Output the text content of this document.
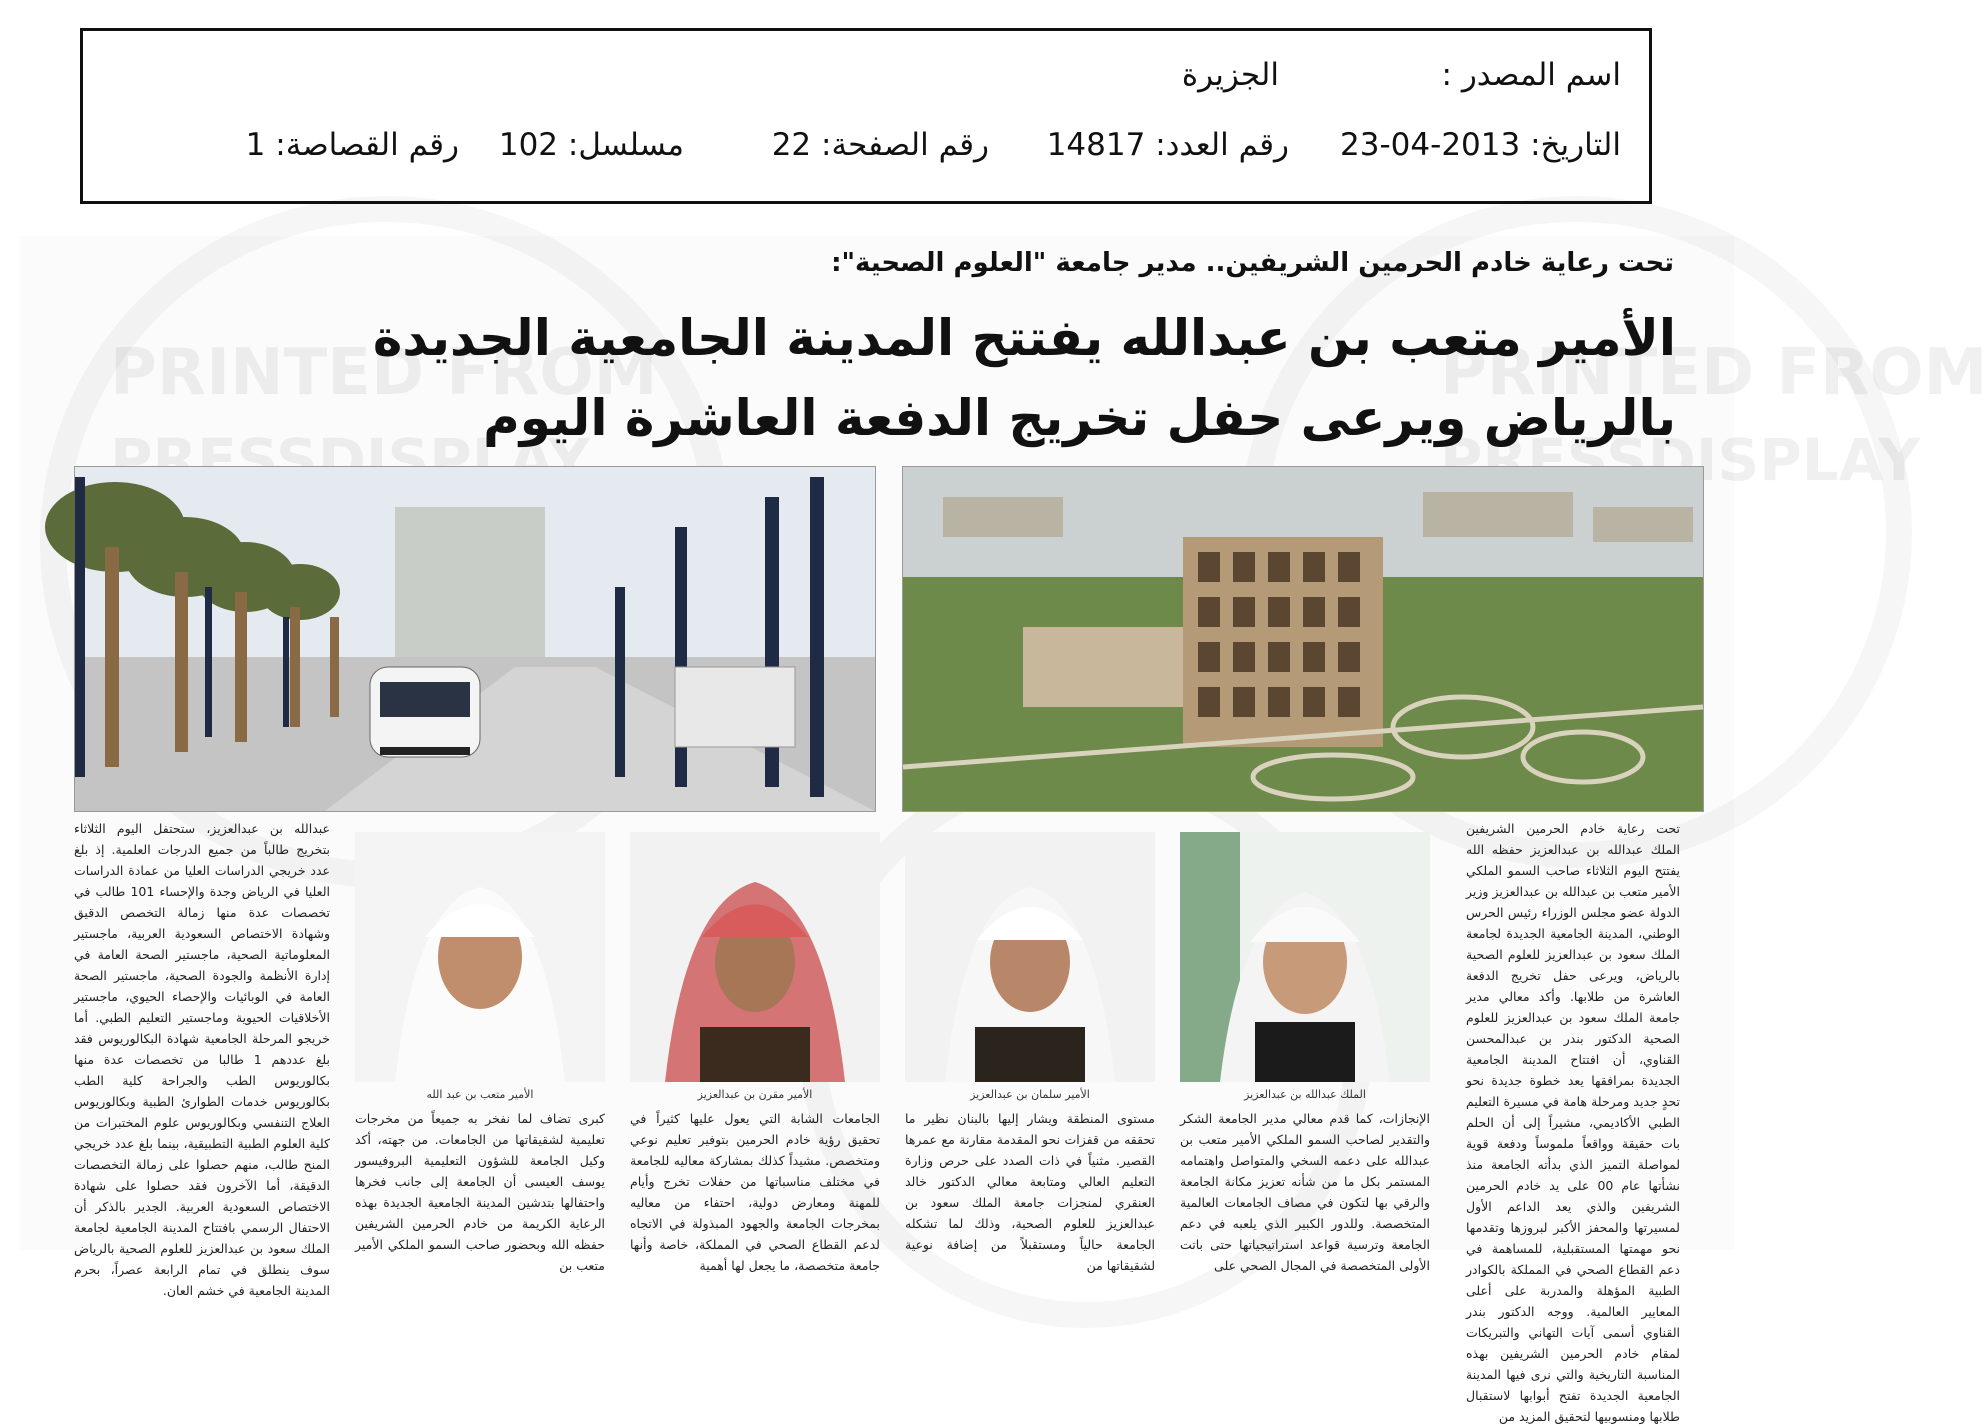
اسم المصدر :
الجزيرة
التاريخ: 2013-04-23
رقم العدد: 14817
رقم الصفحة: 22
مسلسل: 102
رقم القصاصة: 1
PRINTED FROM	PRINTED FROM
PRESSDISPLAY	PRESSDISPLAY
تحت رعاية خادم الحرمين الشريفين.. مدير جامعة "العلوم الصحية":
الأمير متعب بن عبدالله يفتتح المدينة الجامعية الجديدة
بالرياض ويرعى حفل تخريج الدفعة العاشرة اليوم
تحت رعاية خادم الحرمين الشريفين الملك عبدالله بن عبدالعزيز حفظه الله يفتتح اليوم الثلاثاء صاحب السمو الملكي الأمير متعب بن عبدالله بن عبدالعزيز وزير الدولة عضو مجلس الوزراء رئيس الحرس الوطني، المدينة الجامعية الجديدة لجامعة الملك سعود بن عبدالعزيز للعلوم الصحية بالرياض، ويرعى حفل تخريج الدفعة العاشرة من طلابها. وأكد معالي مدير جامعة الملك سعود بن عبدالعزيز للعلوم الصحية الدكتور بندر بن عبدالمحسن القناوي، أن افتتاح المدينة الجامعية الجديدة بمرافقها يعد خطوة جديدة نحو تحدٍ جديد ومرحلة هامة في مسيرة التعليم الطبي الأكاديمي، مشيراً إلى أن الحلم بات حقيقة وواقعاً ملموساً ودفعة قوية لمواصلة التميز الذي بدأته الجامعة منذ نشأتها عام 00 على يد خادم الحرمين الشريفين والذي يعد الداعم الأول لمسيرتها والمحفز الأكبر لبروزها وتقدمها نحو مهمتها المستقبلية، للمساهمة في دعم القطاع الصحي في المملكة بالكوادر الطبية المؤهلة والمدربة على أعلى المعايير العالمية. ووجه الدكتور بندر القناوي أسمى آيات التهاني والتبريكات لمقام خادم الحرمين الشريفين بهذه المناسبة التاريخية والتي نرى فيها المدينة الجامعية الجديدة تفتح أبوابها لاستقبال طلابها ومنسوبيها لتحقيق المزيد من
الملك عبدالله بن عبدالعزيز
الأمير سلمان بن عبدالعزيز
الأمير مقرن بن عبدالعزيز
الأمير متعب بن عبد الله
عبدالله بن عبدالعزيز، ستحتفل اليوم الثلاثاء بتخريج طالباً من جميع الدرجات العلمية. إذ بلغ عدد خريجي الدراسات العليا من عمادة الدراسات العليا في الرياض وجدة والإحساء 101 طالب في تخصصات عدة منها زمالة التخصص الدقيق وشهادة الاختصاص السعودية العربية، ماجستير المعلوماتية الصحية، ماجستير الصحة العامة في إدارة الأنظمة والجودة الصحية، ماجستير الصحة العامة في الوبائيات والإحصاء الحيوي، ماجستير الأخلاقيات الحيوية وماجستير التعليم الطبي. أما خريجو المرحلة الجامعية شهادة البكالوريوس فقد بلغ عددهم 1 طالبا من تخصصات عدة منها بكالوريوس الطب والجراحة كلية الطب بكالوريوس خدمات الطوارئ الطبية وبكالوريوس العلاج التنفسي وبكالوريوس علوم المختبرات من كلية العلوم الطبية التطبيقية، بينما بلغ عدد خريجي المنح طالب، منهم حصلوا على زمالة التخصصات الدقيقة، أما الآخرون فقد حصلوا على شهادة الاختصاص السعودية العربية. الجدير بالذكر أن الاحتفال الرسمي بافتتاح المدينة الجامعية لجامعة الملك سعود بن عبدالعزيز للعلوم الصحية بالرياض سوف ينطلق في تمام الرابعة عصراً، بحرم المدينة الجامعية في خشم العان.
الإنجازات، كما قدم معالي مدير الجامعة الشكر والتقدير لصاحب السمو الملكي الأمير متعب بن عبدالله على دعمه السخي والمتواصل واهتمامه المستمر بكل ما من شأنه تعزيز مكانة الجامعة والرقي بها لتكون في مصاف الجامعات العالمية المتخصصة. وللدور الكبير الذي يلعبه في دعم الجامعة وترسية قواعد استراتيجياتها حتى باتت الأولى المتخصصة في المجال الصحي على
مستوى المنطقة ويشار إليها بالبنان نظير ما تحققه من قفزات نحو المقدمة مقارنة مع عمرها القصير. مثنياً في ذات الصدد على حرص وزارة التعليم العالي ومتابعة معالي الدكتور خالد العنقري لمنجزات جامعة الملك سعود بن عبدالعزيز للعلوم الصحية، وذلك لما تشكله الجامعة حالياً ومستقبلاً من إضافة نوعية لشقيقاتها من
الجامعات الشابة التي يعول عليها كثيراً في تحقيق رؤية خادم الحرمين بتوفير تعليم نوعي ومتخصص. مشيداً كذلك بمشاركة معاليه للجامعة في مختلف مناسباتها من حفلات تخرج وأيام للمهنة ومعارض دولية، احتفاء من معاليه بمخرجات الجامعة والجهود المبذولة في الاتجاه لدعم القطاع الصحي في المملكة، خاصة وأنها جامعة متخصصة، ما يجعل لها أهمية
كبرى تضاف لما نفخر به جميعاً من مخرجات تعليمية لشقيقاتها من الجامعات. من جهته، أكد وكيل الجامعة للشؤون التعليمية البروفيسور يوسف العيسى أن الجامعة إلى جانب فخرها واحتفالها بتدشين المدينة الجامعية الجديدة بهذه الرعاية الكريمة من خادم الحرمين الشريفين حفظه الله وبحضور صاحب السمو الملكي الأمير متعب بن
